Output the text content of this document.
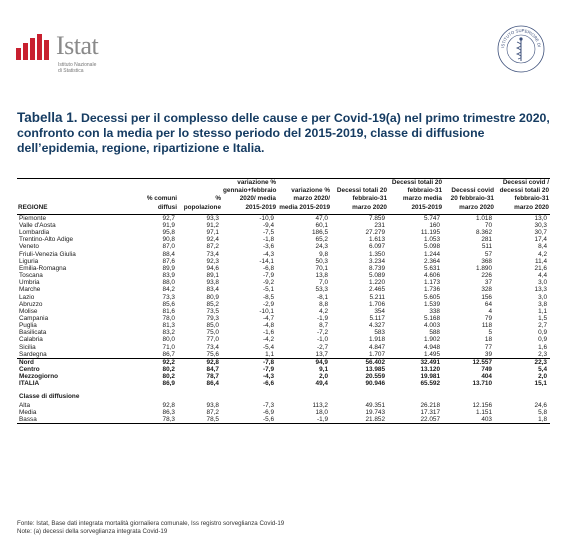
Istat
Istituto Nazionale
di Statistica
ISTITUTO SUPERIORE DI
Tabella 1. Decessi per il complesso delle cause e per Covid-19(a) nel primo trimestre 2020, confronto con la media per lo stesso periodo del 2015-2019, classe di diffusione dell’epidemia, regione, ripartizione e Italia.
REGIONE	% comuni diffusi	% popolazione	variazione % gennaio+febbraio 2020/ media 2015-2019	variazione % marzo 2020/ media 2015-2019	Decessi totali 20 febbraio-31 marzo 2020	Decessi totali 20 febbraio-31 marzo media 2015-2019	Decessi covid 20 febbraio-31 marzo 2020	Decessi covid / decessi totali 20 febbraio-31 marzo 2020
Piemonte	92,7	93,3	-10,9	47,0	7.859	5.747	1.018	13,0
Valle d'Aosta	91,9	91,2	-9,4	60,1	231	160	70	30,3
Lombardia	95,8	97,1	-7,5	186,5	27.279	11.195	8.362	30,7
Trentino-Alto Adige	90,8	92,4	-1,8	65,2	1.613	1.053	281	17,4
Veneto	87,0	87,2	-3,6	24,3	6.097	5.098	511	8,4
Friuli-Venezia Giulia	88,4	73,4	-4,3	9,8	1.350	1.244	57	4,2
Liguria	87,6	92,3	-14,1	50,3	3.234	2.364	368	11,4
Emilia-Romagna	89,9	94,6	-6,8	70,1	8.739	5.631	1.890	21,6
Toscana	83,9	89,1	-7,9	13,8	5.089	4.606	226	4,4
Umbria	88,0	93,8	-9,2	7,0	1.220	1.173	37	3,0
Marche	84,2	83,4	-5,1	53,3	2.465	1.736	328	13,3
Lazio	73,3	80,9	-8,5	-8,1	5.211	5.605	156	3,0
Abruzzo	85,6	85,2	-2,9	8,8	1.706	1.539	64	3,8
Molise	81,6	73,5	-10,1	4,2	354	338	4	1,1
Campania	78,0	79,3	-4,7	-1,9	5.117	5.168	79	1,5
Puglia	81,3	85,0	-4,8	8,7	4.327	4.003	118	2,7
Basilicata	83,2	75,0	-1,6	-7,2	583	588	5	0,9
Calabria	80,0	77,0	-4,2	-1,0	1.918	1.902	18	0,9
Sicilia	71,0	73,4	-5,4	-2,7	4.847	4.948	77	1,6
Sardegna	86,7	75,6	1,1	13,7	1.707	1.495	39	2,3
Nord	92,2	92,8	-7,8	94,9	56.402	32.491	12.557	22,3
Centro	80,2	84,7	-7,9	9,1	13.985	13.120	749	5,4
Mezzogiorno	80,2	78,7	-4,3	2,0	20.559	19.981	404	2,0
ITALIA	86,9	86,4	-6,6	49,4	90.946	65.592	13.710	15,1
Classe di diffusione								
Alta	92,8	93,8	-7,3	113,2	49.351	26.218	12.156	24,6
Media	86,3	87,2	-6,9	18,0	19.743	17.317	1.151	5,8
Bassa	78,3	78,5	-5,6	-1,9	21.852	22.057	403	1,8
Fonte: Istat, Base dati integrata mortalità giornaliera comunale, Iss registro sorveglianza Covid-19
Note: (a) decessi della sorveglianza integrata Covid-19
